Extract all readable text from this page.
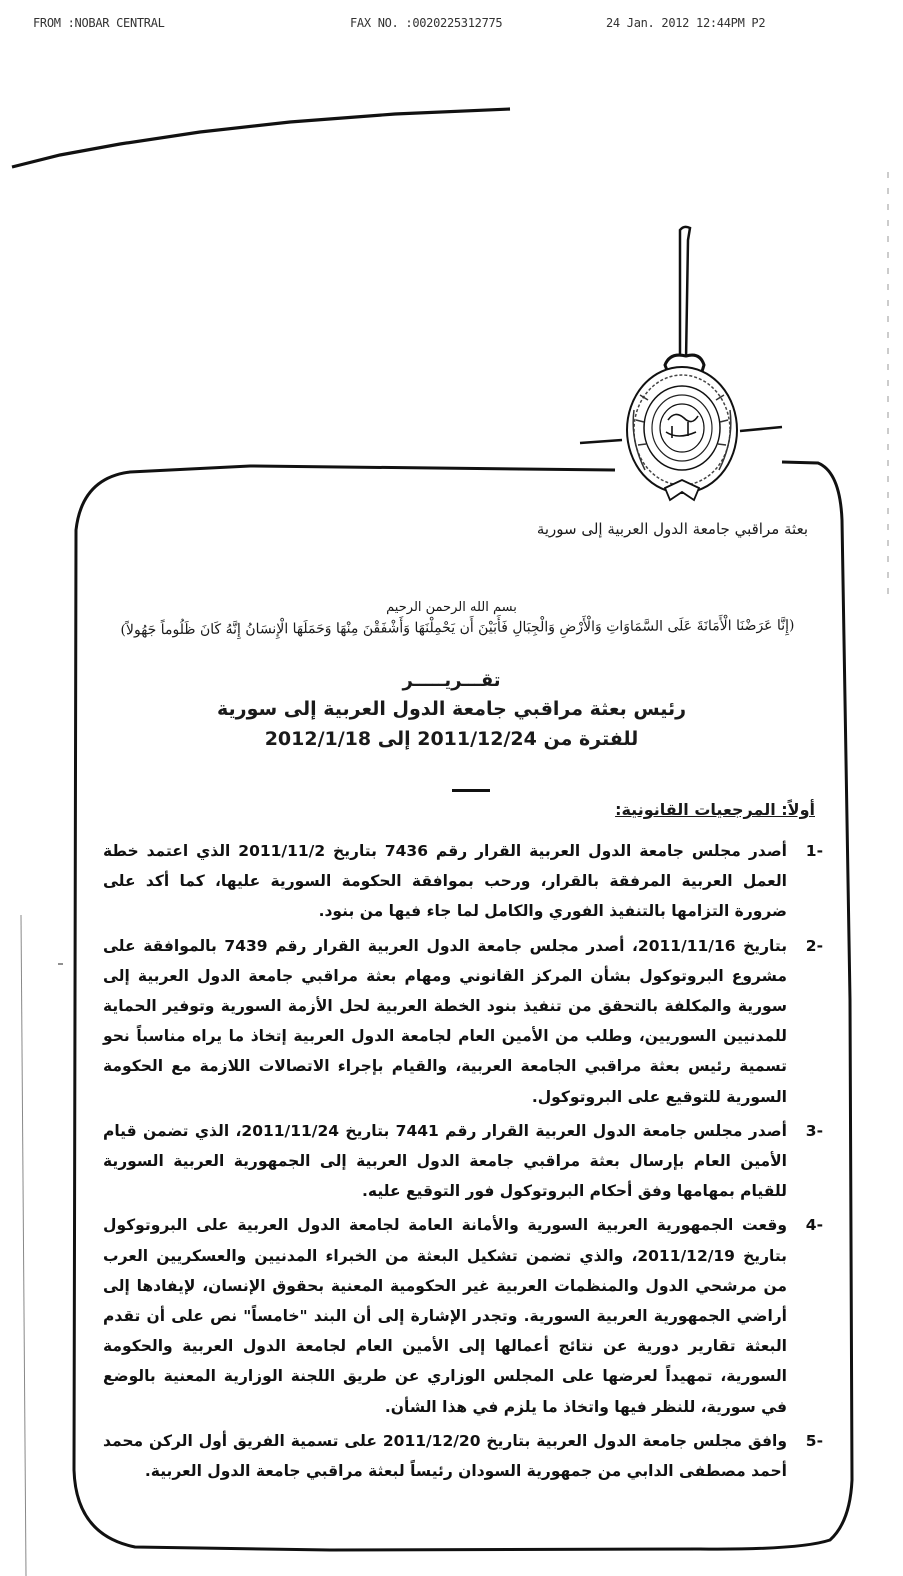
FROM :NOBAR CENTRAL	FAX NO. :0020225312775	24 Jan. 2012 12:44PM P2
بعثة مراقبي جامعة الدول العربية إلى سورية
بسم الله الرحمن الرحيم
(إِنَّا عَرَضْنَا الْأَمَانَةَ عَلَى السَّمَاوَاتِ وَالْأَرْضِ وَالْجِبَالِ فَأَبَيْنَ أَن يَحْمِلْنَهَا وَأَشْفَقْنَ مِنْهَا وَحَمَلَهَا الْإِنسَانُ إِنَّهُ كَانَ ظَلُوماً جَهُولاً)
تقـــريـــــر
رئيس بعثة مراقبي جامعة الدول العربية إلى سورية
للفترة من 2011/12/24 إلى 2012/1/18
أولاً: المرجعيات القانونية:
-1
أصدر مجلس جامعة الدول العربية القرار رقم 7436 بتاريخ 2011/11/2 الذي اعتمد خطة العمل العربية المرفقة بالقرار، ورحب بموافقة الحكومة السورية عليها، كما أكد على ضرورة التزامها بالتنفيذ الفوري والكامل لما جاء فيها من بنود.
-2
بتاريخ 2011/11/16، أصدر مجلس جامعة الدول العربية القرار رقم 7439 بالموافقة على مشروع البروتوكول بشأن المركز القانوني ومهام بعثة مراقبي جامعة الدول العربية إلى سورية والمكلفة بالتحقق من تنفيذ بنود الخطة العربية لحل الأزمة السورية وتوفير الحماية للمدنيين السوريين، وطلب من الأمين العام لجامعة الدول العربية إتخاذ ما يراه مناسباً نحو تسمية رئيس بعثة مراقبي الجامعة العربية، والقيام بإجراء الاتصالات اللازمة مع الحكومة السورية للتوقيع على البروتوكول.
-3
أصدر مجلس جامعة الدول العربية القرار رقم 7441 بتاريخ 2011/11/24، الذي تضمن قيام الأمين العام بإرسال بعثة مراقبي جامعة الدول العربية إلى الجمهورية العربية السورية للقيام بمهامها وفق أحكام البروتوكول فور التوقيع عليه.
-4
وقعت الجمهورية العربية السورية والأمانة العامة لجامعة الدول العربية على البروتوكول بتاريخ 2011/12/19، والذي تضمن تشكيل البعثة من الخبراء المدنيين والعسكريين العرب من مرشحي الدول والمنظمات العربية غير الحكومية المعنية بحقوق الإنسان، لإيفادها إلى أراضي الجمهورية العربية السورية. وتجدر الإشارة إلى أن البند "خامساً" نص على أن تقدم البعثة تقارير دورية عن نتائج أعمالها إلى الأمين العام لجامعة الدول العربية والحكومة السورية، تمهيداً لعرضها على المجلس الوزاري عن طريق اللجنة الوزارية المعنية بالوضع في سورية، للنظر فيها واتخاذ ما يلزم في هذا الشأن.
-5
وافق مجلس جامعة الدول العربية بتاريخ 2011/12/20 على تسمية الفريق أول الركن محمد أحمد مصطفى الدابي من جمهورية السودان رئيساً لبعثة مراقبي جامعة الدول العربية.
